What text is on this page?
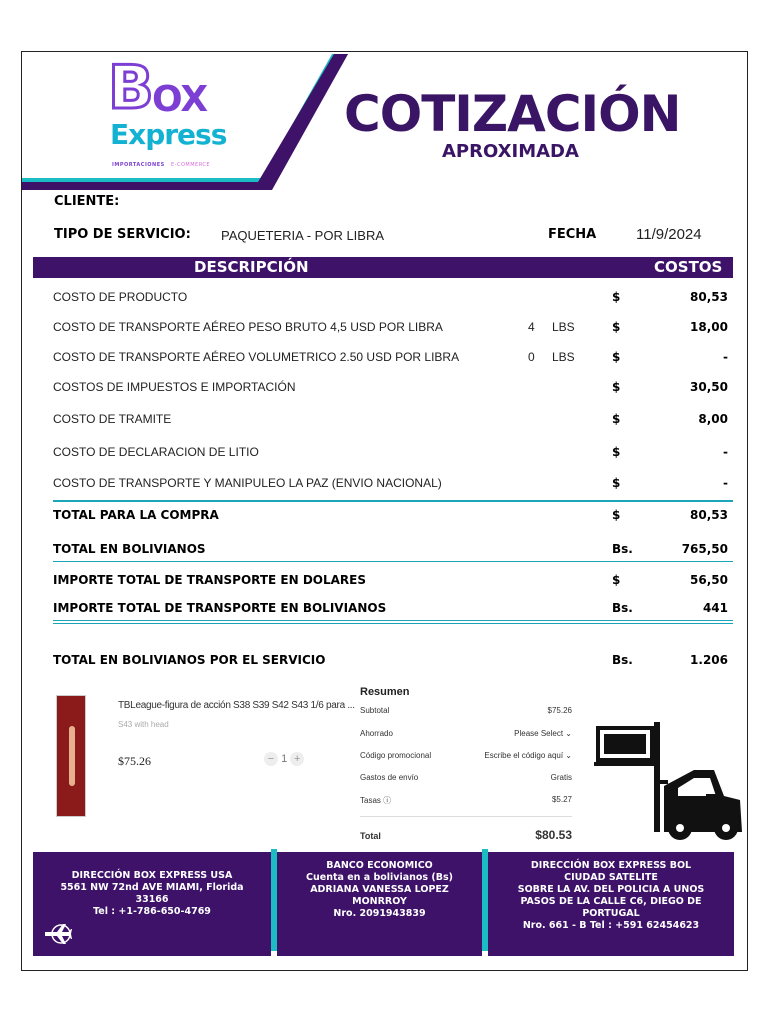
B
OX
Express
IMPORTACIONES E-COMMERCE
COTIZACIÓN
APROXIMADA
CLIENTE:
TIPO DE SERVICIO: PAQUETERIA - POR LIBRA	FECHA	11/9/2024
DESCRIPCIÓN	COSTOS
COSTO DE PRODUCTO	$	80,53
COSTO DE TRANSPORTE AÉREO PESO BRUTO 4,5 USD POR LIBRA	4 LBS	$	18,00
COSTO DE TRANSPORTE AÉREO VOLUMETRICO 2.50 USD POR LIBRA	0 LBS	$	-
COSTOS DE IMPUESTOS E IMPORTACIÓN	$	30,50
COSTO DE TRAMITE	$	8,00
COSTO DE DECLARACION DE LITIO	$	-
COSTO DE TRANSPORTE Y MANIPULEO LA PAZ (ENVIO NACIONAL)	$	-
TOTAL PARA LA COMPRA	$	80,53
TOTAL EN BOLIVIANOS	Bs.	765,50
IMPORTE TOTAL DE TRANSPORTE EN DOLARES	$	56,50
IMPORTE TOTAL DE TRANSPORTE EN BOLIVIANOS	Bs.	441
TOTAL EN BOLIVIANOS POR EL SERVICIO	Bs.	1.206
TBLeague-figura de acción S38 S39 S42 S43 1/6 para ...
S43 with head
$75.26	− 1 +
Resumen
Subtotal	$75.26
Ahorrado	Please Select ⌄
Código promocional	Escribe el código aquí ⌄
Gastos de envío	Gratis
Tasas ⓘ	$5.27
Total	$80.53
DIRECCIÓN BOX EXPRESS USA
5561 NW 72nd AVE MIAMI, Florida
33166
Tel : +1-786-650-4769
BANCO ECONOMICO
Cuenta en a bolivianos (Bs)
ADRIANA VANESSA LOPEZ
MONRROY
Nro. 2091943839
DIRECCIÓN BOX EXPRESS BOL
CIUDAD SATELITE
SOBRE LA AV. DEL POLICIA A UNOS
PASOS DE LA CALLE C6, DIEGO DE
PORTUGAL
Nro. 661 - B Tel : +591 62454623
